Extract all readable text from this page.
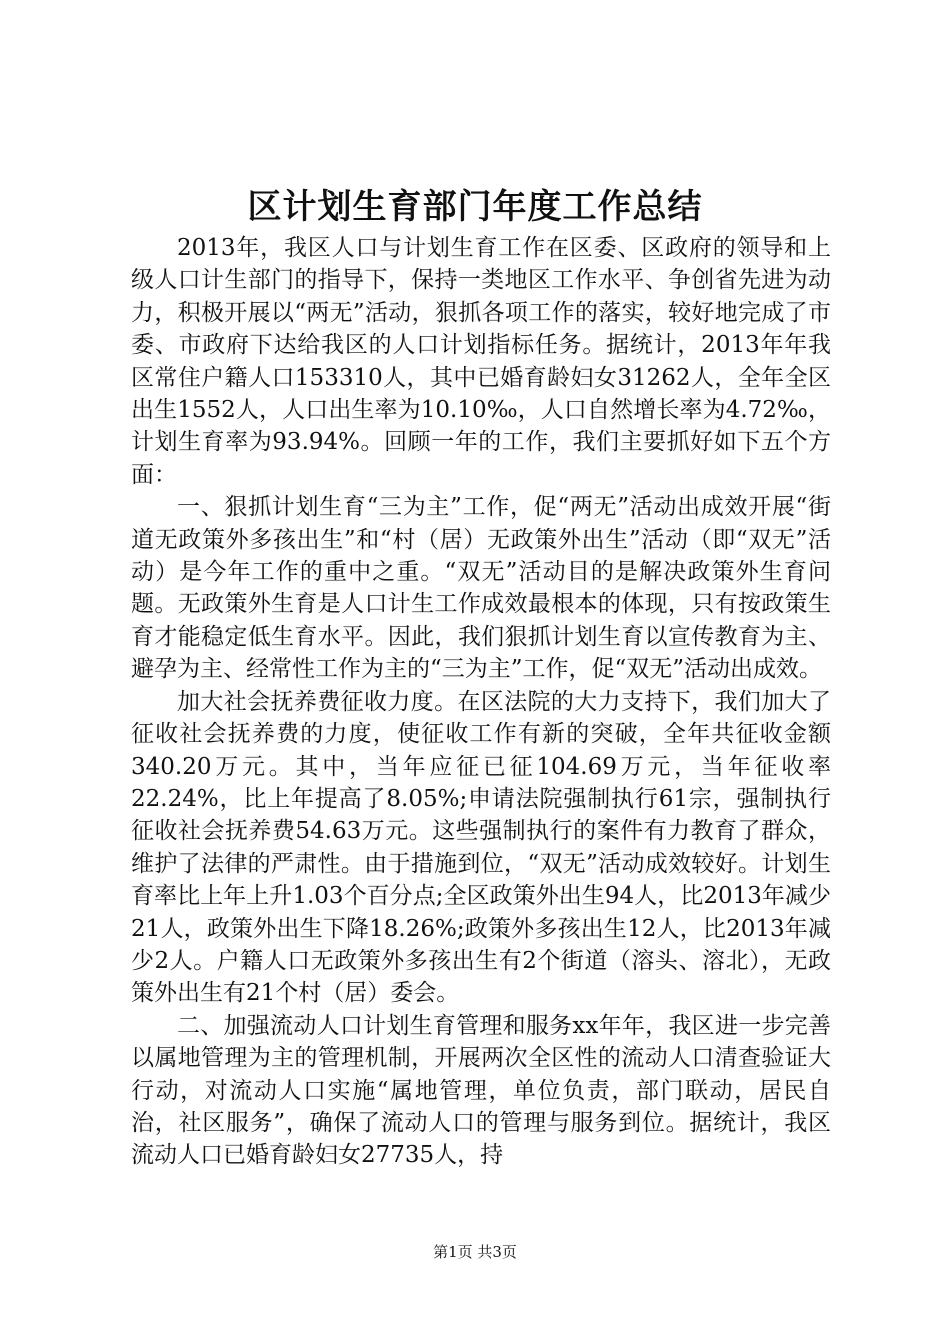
区计划生育部门年度工作总结

2013年，我区人口与计划生育工作在区委、区政府的领导和上级人口计生部门的指导下，保持一类地区工作水平、争创省先进为动力，积极开展以“两无”活动，狠抓各项工作的落实，较好地完成了市委、市政府下达给我区的人口计划指标任务。据统计，2013年年我区常住户籍人口153310人，其中已婚育龄妇女31262人，全年全区出生1552人，人口出生率为10.10‰，人口自然增长率为4.72‰，计划生育率为93.94%。回顾一年的工作，我们主要抓好如下五个方面：

一、狠抓计划生育“三为主”工作，促“两无”活动出成效开展“街道无政策外多孩出生”和“村（居）无政策外出生”活动（即“双无”活动）是今年工作的重中之重。“双无”活动目的是解决政策外生育问题。无政策外生育是人口计生工作成效最根本的体现，只有按政策生育才能稳定低生育水平。因此，我们狠抓计划生育以宣传教育为主、避孕为主、经常性工作为主的“三为主”工作，促“双无”活动出成效。

加大社会抚养费征收力度。在区法院的大力支持下，我们加大了征收社会抚养费的力度，使征收工作有新的突破，全年共征收金额340.20万元。其中，当年应征已征104.69万元，当年征收率22.24%，比上年提高了8.05%;申请法院强制执行61宗，强制执行征收社会抚养费54.63万元。这些强制执行的案件有力教育了群众，维护了法律的严肃性。由于措施到位，“双无”活动成效较好。计划生育率比上年上升1.03个百分点;全区政策外出生94人，比2013年减少21人，政策外出生下降18.26%;政策外多孩出生12人，比2013年减少2人。户籍人口无政策外多孩出生有2个街道（溶头、溶北），无政策外出生有21个村（居）委会。

二、加强流动人口计划生育管理和服务xx年年，我区进一步完善以属地管理为主的管理机制，开展两次全区性的流动人口清查验证大行动，对流动人口实施“属地管理，单位负责，部门联动，居民自治，社区服务”，确保了流动人口的管理与服务到位。据统计，我区流动人口已婚育龄妇女27735人，持

第1页 共3页
